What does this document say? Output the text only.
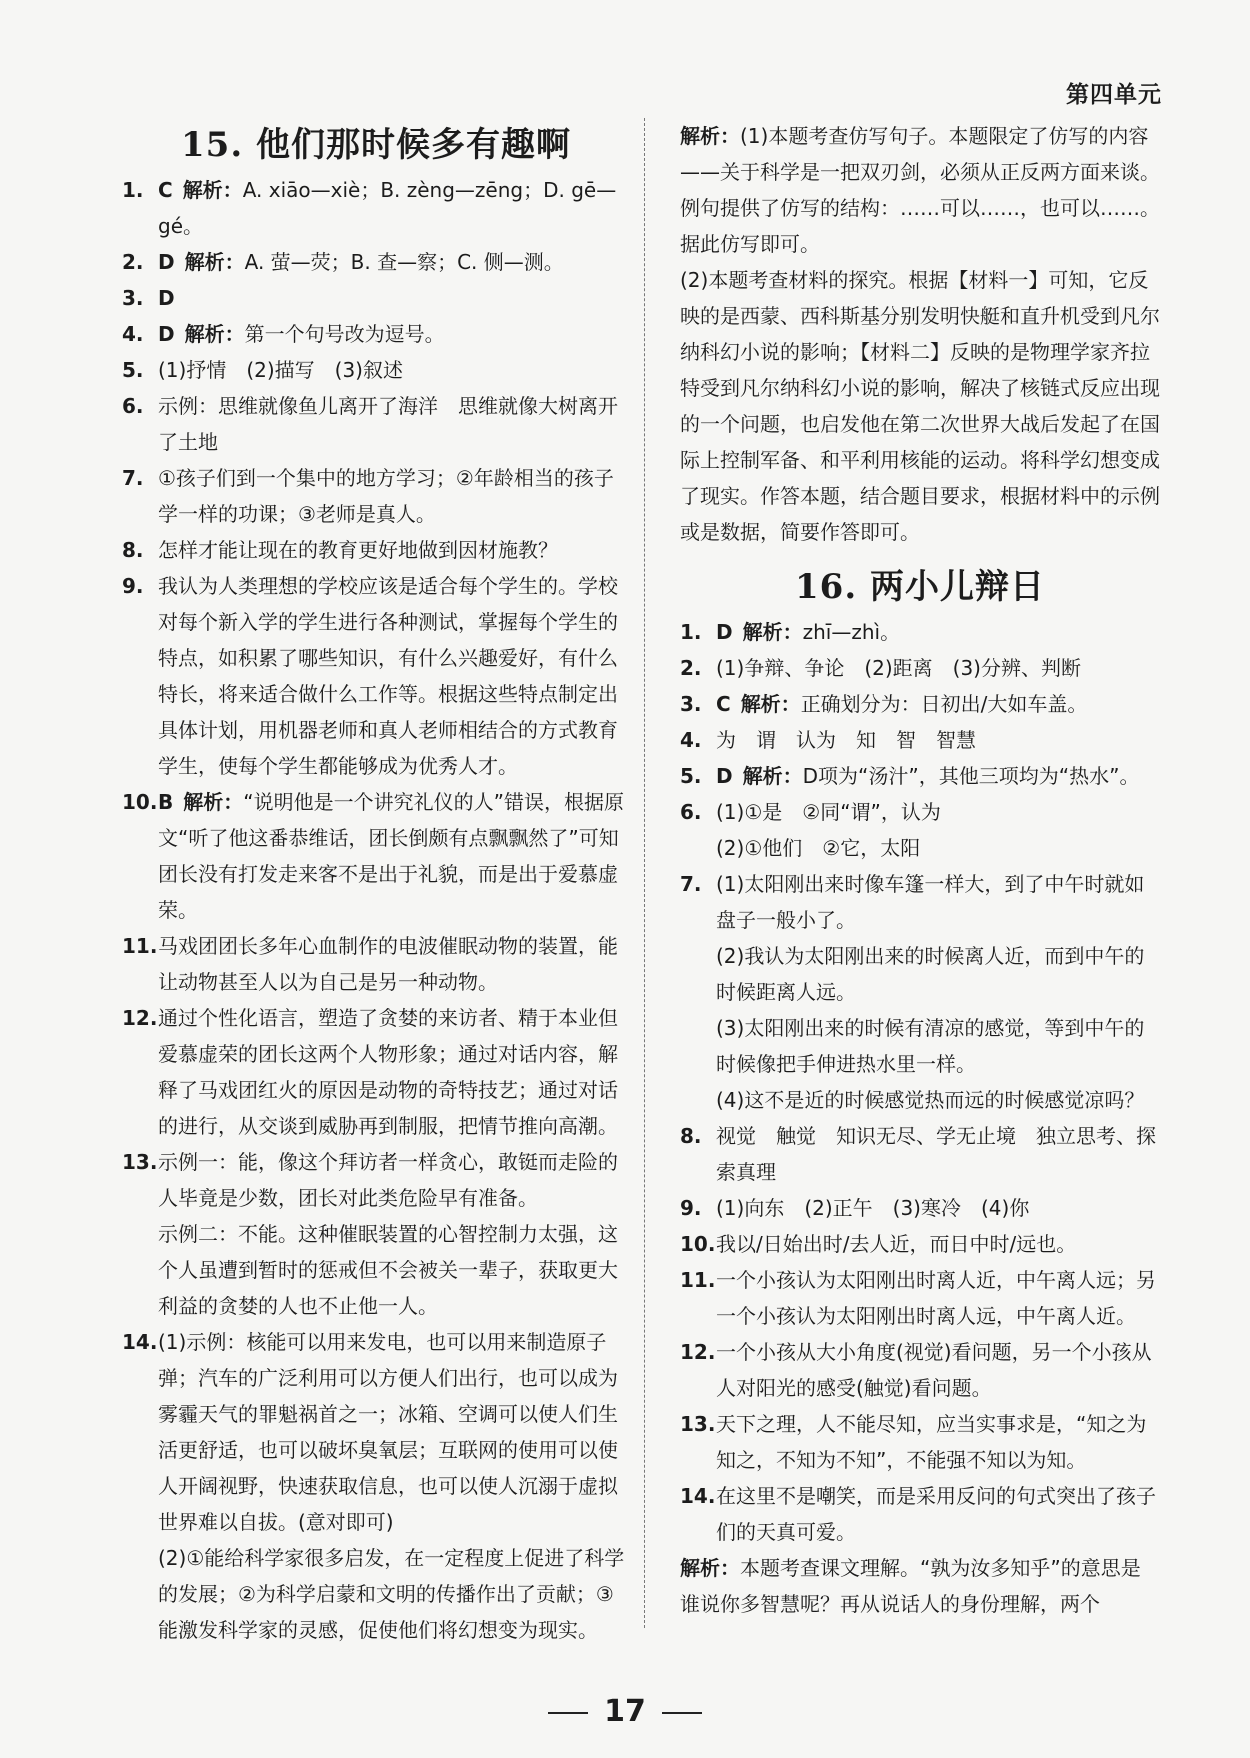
第四单元
15. 他们那时候多有趣啊

1. C 解析：A. xiāo—xiè；B. zèng—zēng；D. gē—gé。

2. D 解析：A. 萤—荧；B. 查—察；C. 侧—测。

3. D

4. D 解析：第一个句号改为逗号。

5. (1)抒情　(2)描写　(3)叙述

6. 示例：思维就像鱼儿离开了海洋　思维就像大树离开了土地

7. ①孩子们到一个集中的地方学习；②年龄相当的孩子学一样的功课；③老师是真人。

8. 怎样才能让现在的教育更好地做到因材施教？

9. 我认为人类理想的学校应该是适合每个学生的。学校对每个新入学的学生进行各种测试，掌握每个学生的特点，如积累了哪些知识，有什么兴趣爱好，有什么特长，将来适合做什么工作等。根据这些特点制定出具体计划，用机器老师和真人老师相结合的方式教育学生，使每个学生都能够成为优秀人才。

10.B 解析：“说明他是一个讲究礼仪的人”错误，根据原文“听了他这番恭维话，团长倒颇有点飘飘然了”可知团长没有打发走来客不是出于礼貌，而是出于爱慕虚荣。

11.马戏团团长多年心血制作的电波催眠动物的装置，能让动物甚至人以为自己是另一种动物。

12.通过个性化语言，塑造了贪婪的来访者、精于本业但爱慕虚荣的团长这两个人物形象；通过对话内容，解释了马戏团红火的原因是动物的奇特技艺；通过对话的进行，从交谈到威胁再到制服，把情节推向高潮。

13.示例一：能，像这个拜访者一样贪心，敢铤而走险的人毕竟是少数，团长对此类危险早有准备。

示例二：不能。这种催眠装置的心智控制力太强，这个人虽遭到暂时的惩戒但不会被关一辈子，获取更大利益的贪婪的人也不止他一人。

14.(1)示例：核能可以用来发电，也可以用来制造原子弹；汽车的广泛利用可以方便人们出行，也可以成为雾霾天气的罪魁祸首之一；冰箱、空调可以使人们生活更舒适，也可以破坏臭氧层；互联网的使用可以使人开阔视野，快速获取信息，也可以使人沉溺于虚拟世界难以自拔。(意对即可)

(2)①能给科学家很多启发，在一定程度上促进了科学的发展；②为科学启蒙和文明的传播作出了贡献；③能激发科学家的灵感，促使他们将幻想变为现实。

解析：(1)本题考查仿写句子。本题限定了仿写的内容——关于科学是一把双刃剑，必须从正反两方面来谈。例句提供了仿写的结构：……可以……，也可以……。据此仿写即可。

(2)本题考查材料的探究。根据【材料一】可知，它反映的是西蒙、西科斯基分别发明快艇和直升机受到凡尔纳科幻小说的影响；【材料二】反映的是物理学家齐拉特受到凡尔纳科幻小说的影响，解决了核链式反应出现的一个问题，也启发他在第二次世界大战后发起了在国际上控制军备、和平利用核能的运动。将科学幻想变成了现实。作答本题，结合题目要求，根据材料中的示例或是数据，简要作答即可。

16. 两小儿辩日

1. D 解析：zhī—zhì。

2. (1)争辩、争论　(2)距离　(3)分辨、判断

3. C 解析：正确划分为：日初出/大如车盖。

4. 为　谓　认为　知　智　智慧

5. D 解析：D项为“汤汁”，其他三项均为“热水”。

6. (1)①是　②同“谓”，认为

(2)①他们　②它，太阳

7. (1)太阳刚出来时像车篷一样大，到了中午时就如盘子一般小了。

(2)我认为太阳刚出来的时候离人近，而到中午的时候距离人远。

(3)太阳刚出来的时候有清凉的感觉，等到中午的时候像把手伸进热水里一样。

(4)这不是近的时候感觉热而远的时候感觉凉吗？

8. 视觉　触觉　知识无尽、学无止境　独立思考、探索真理

9. (1)向东　(2)正午　(3)寒冷　(4)你

10.我以/日始出时/去人近，而日中时/远也。

11.一个小孩认为太阳刚出时离人近，中午离人远；另一个小孩认为太阳刚出时离人远，中午离人近。

12.一个小孩从大小角度(视觉)看问题，另一个小孩从人对阳光的感受(触觉)看问题。

13.天下之理，人不能尽知，应当实事求是，“知之为知之，不知为不知”，不能强不知以为知。

14.在这里不是嘲笑，而是采用反问的句式突出了孩子们的天真可爱。

解析：本题考查课文理解。“孰为汝多知乎”的意思是谁说你多智慧呢？再从说话人的身份理解，两个

17
